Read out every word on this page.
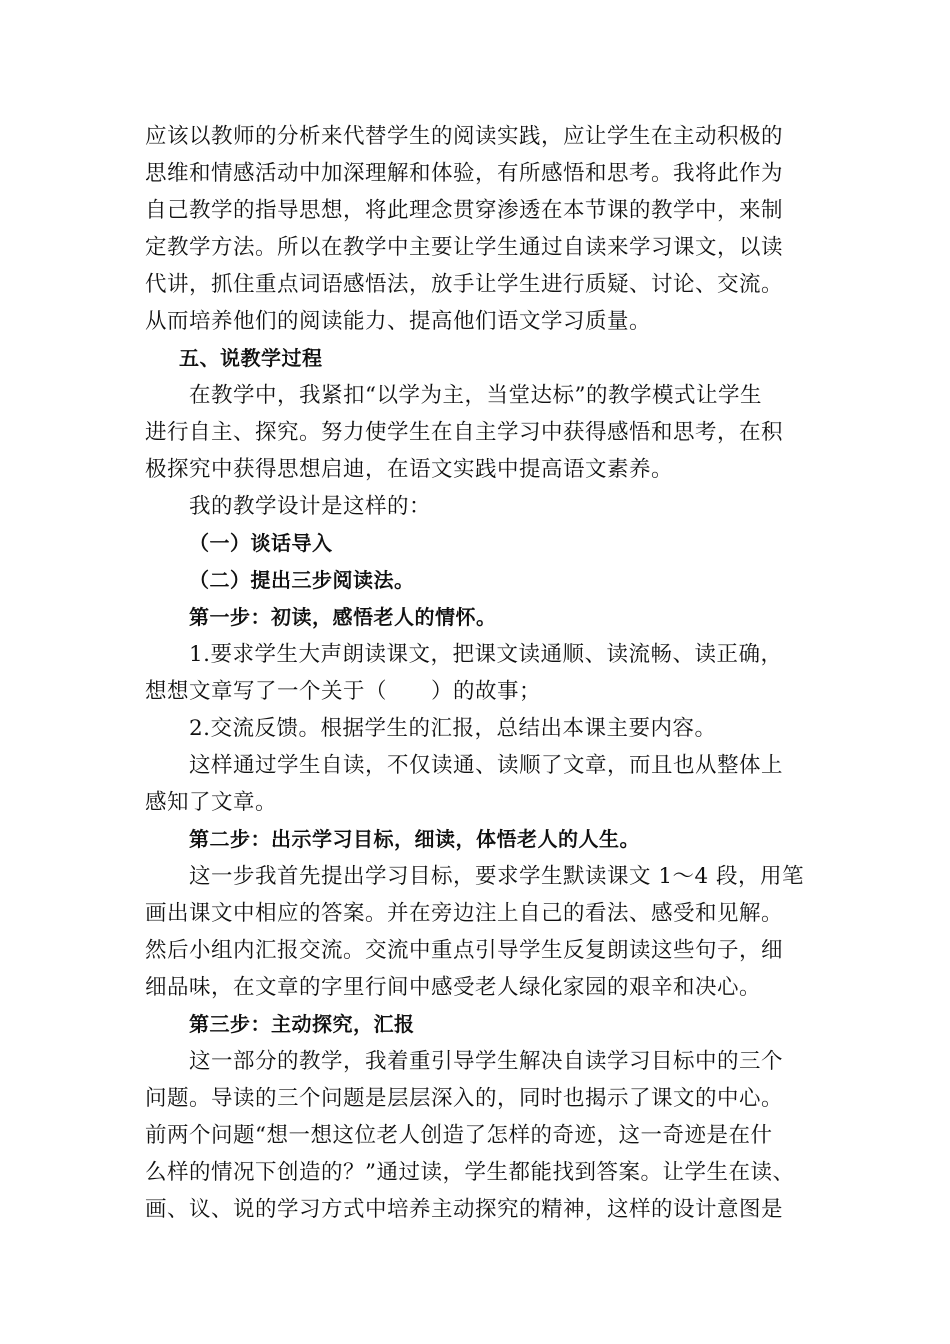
应该以教师的分析来代替学生的阅读实践，应让学生在主动积极的
思维和情感活动中加深理解和体验，有所感悟和思考。我将此作为
自己教学的指导思想，将此理念贯穿渗透在本节课的教学中，来制
定教学方法。所以在教学中主要让学生通过自读来学习课文，以读
代讲，抓住重点词语感悟法，放手让学生进行质疑、讨论、交流。
从而培养他们的阅读能力、提高他们语文学习质量。
五、说教学过程
在教学中，我紧扣“以学为主，当堂达标”的教学模式让学生
进行自主、探究。努力使学生在自主学习中获得感悟和思考，在积
极探究中获得思想启迪，在语文实践中提高语文素养。
我的教学设计是这样的：
（一）谈话导入
（二）提出三步阅读法。
第一步：初读，感悟老人的情怀。
1.要求学生大声朗读课文，把课文读通顺、读流畅、读正确，
想想文章写了一个关于（　　）的故事；
2.交流反馈。根据学生的汇报，总结出本课主要内容。
这样通过学生自读，不仅读通、读顺了文章，而且也从整体上
感知了文章。
第二步：出示学习目标，细读，体悟老人的人生。
这一步我首先提出学习目标，要求学生默读课文 1～4 段，用笔
画出课文中相应的答案。并在旁边注上自己的看法、感受和见解。
然后小组内汇报交流。交流中重点引导学生反复朗读这些句子，细
细品味，在文章的字里行间中感受老人绿化家园的艰辛和决心。
第三步：主动探究，汇报
这一部分的教学，我着重引导学生解决自读学习目标中的三个
问题。导读的三个问题是层层深入的，同时也揭示了课文的中心。
前两个问题“想一想这位老人创造了怎样的奇迹，这一奇迹是在什
么样的情况下创造的？”通过读，学生都能找到答案。让学生在读、
画、议、说的学习方式中培养主动探究的精神，这样的设计意图是
